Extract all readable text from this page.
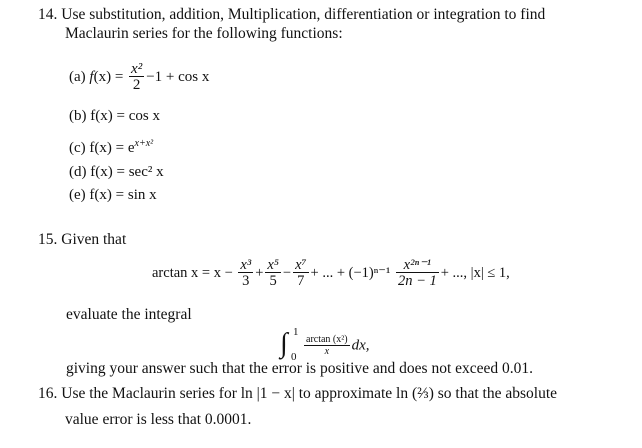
14. Use substitution, addition, Multiplication, differentiation or integration to find
Maclaurin series for the following functions:
(a) $f(x) = \frac{\text{x²}}{2} -1 + \cos x$
(b) f(x) = cos x
(c) $f(x) = e^{x+x^2}$
(d) f(x) = sec² x
(e) f(x) = sin x
15. Given that
$\arctan x = x - \frac{\text{x³}}{3} + \frac{\text{x⁵}}{5} - \frac{\text{x⁷}}{7}$ + ... + $(-1)^{n-1} \frac{\text{x²ⁿ⁻¹}}{2n - 1}$ + ..., |x| ≤ 1,
evaluate the integral
∫ 1
$0 \frac{\text{arctan (x²)}}{x}$ dx,
giving your answer such that the error is positive and does not exceed 0.01.
16. Use the Maclaurin series for ln |1 − x| to approximate ln (⅔) so that the absolute
value error is less that 0.0001.
